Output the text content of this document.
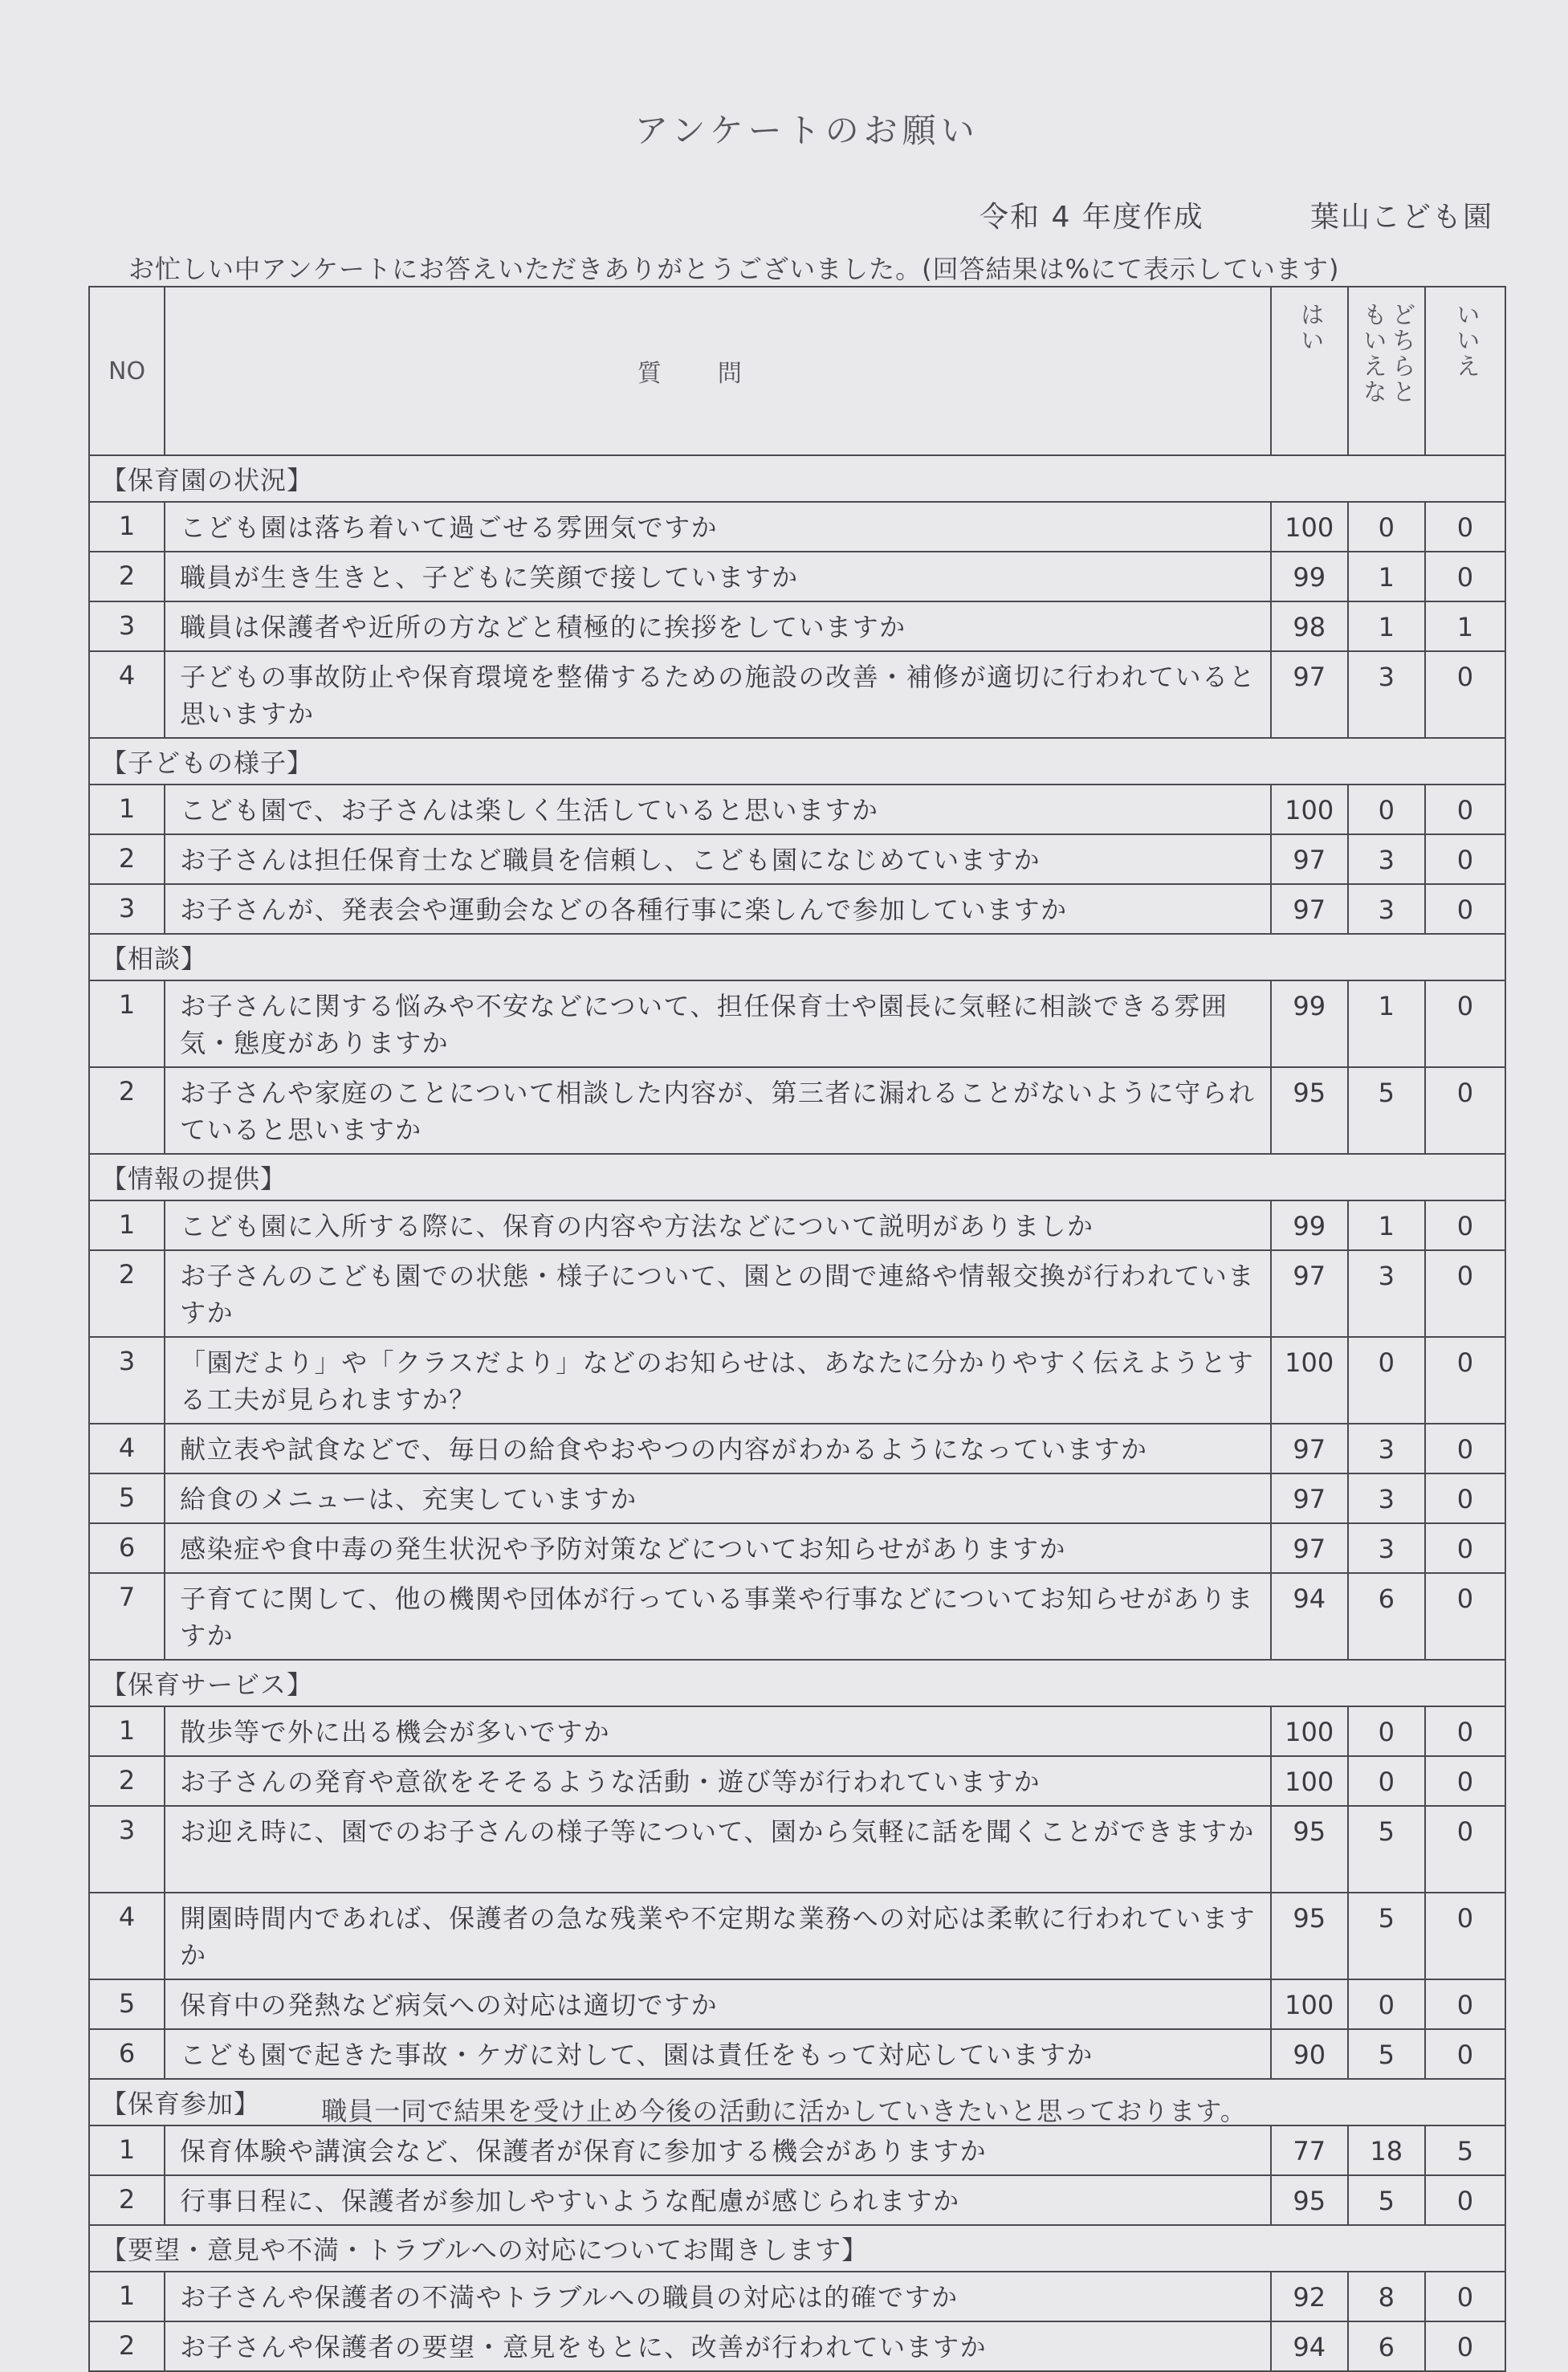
アンケートのお願い
令和 4 年度作成	葉山こども園
お忙しい中アンケートにお答えいただきありがとうございました。(回答結果は%にて表示しています)
NO	質問	はい	どちらともいえな	いいえ

【保育園の状況】				
1	こども園は落ち着いて過ごせる雰囲気ですか	100	0	0
2	職員が生き生きと、子どもに笑顔で接していますか	99	1	0
3	職員は保護者や近所の方などと積極的に挨拶をしていますか	98	1	1
4	子どもの事故防止や保育環境を整備するための施設の改善・補修が適切に行われていると思いますか	97	3	0
【子どもの様子】				
1	こども園で、お子さんは楽しく生活していると思いますか	100	0	0
2	お子さんは担任保育士など職員を信頼し、こども園になじめていますか	97	3	0
3	お子さんが、発表会や運動会などの各種行事に楽しんで参加していますか	97	3	0
【相談】				
1	お子さんに関する悩みや不安などについて、担任保育士や園長に気軽に相談できる雰囲気・態度がありますか	99	1	0
2	お子さんや家庭のことについて相談した内容が、第三者に漏れることがないように守られていると思いますか	95	5	0
【情報の提供】				
1	こども園に入所する際に、保育の内容や方法などについて説明がありましか	99	1	0
2	お子さんのこども園での状態・様子について、園との間で連絡や情報交換が行われていますか	97	3	0
3	「園だより」や「クラスだより」などのお知らせは、あなたに分かりやすく伝えようとする工夫が見られますか？	100	0	0
4	献立表や試食などで、毎日の給食やおやつの内容がわかるようになっていますか	97	3	0
5	給食のメニューは、充実していますか	97	3	0
6	感染症や食中毒の発生状況や予防対策などについてお知らせがありますか	97	3	0
7	子育てに関して、他の機関や団体が行っている事業や行事などについてお知らせがありますか	94	6	0
【保育サービス】				
1	散歩等で外に出る機会が多いですか	100	0	0
2	お子さんの発育や意欲をそそるような活動・遊び等が行われていますか	100	0	0
3	お迎え時に、園でのお子さんの様子等について、園から気軽に話を聞くことができますか	95	5	0
4	開園時間内であれば、保護者の急な残業や不定期な業務への対応は柔軟に行われていますか	95	5	0
5	保育中の発熱など病気への対応は適切ですか	100	0	0
6	こども園で起きた事故・ケガに対して、園は責任をもって対応していますか	90	5	0
【保育参加】				
1	保育体験や講演会など、保護者が保育に参加する機会がありますか	77	18	5
2	行事日程に、保護者が参加しやすいような配慮が感じられますか	95	5	0
【要望・意見や不満・トラブルへの対応についてお聞きします】				
1	お子さんや保護者の不満やトラブルへの職員の対応は的確ですか	92	8	0
2	お子さんや保護者の要望・意見をもとに、改善が行われていますか	94	6	0
職員一同で結果を受け止め今後の活動に活かしていきたいと思っております。
